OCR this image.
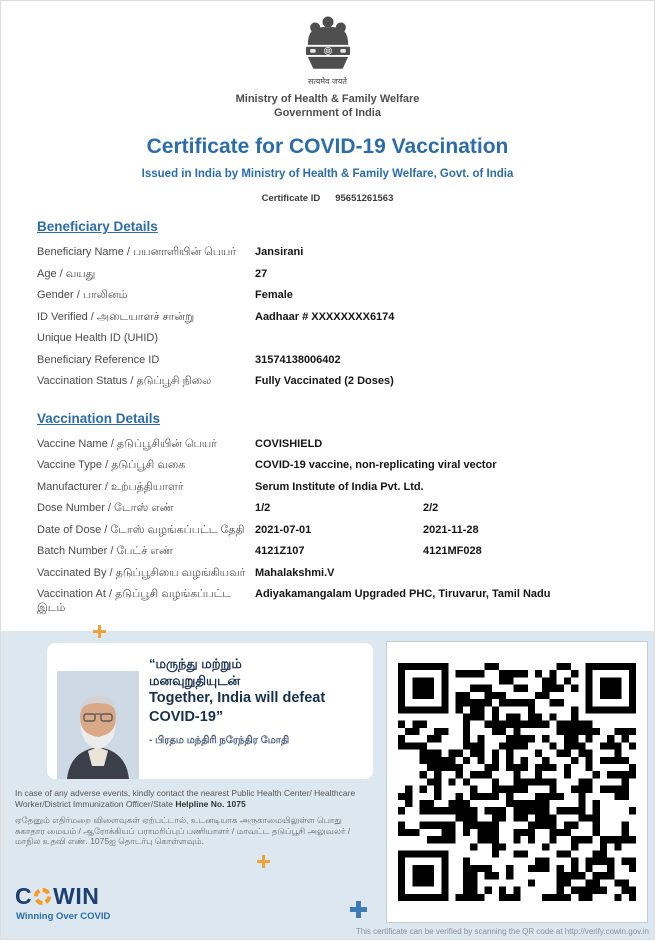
सत्यमेव जयते
Ministry of Health & Family Welfare
Government of India
Certificate for COVID-19 Vaccination
Issued in India by Ministry of Health & Family Welfare, Govt. of India
Certificate ID 95651261563
Beneficiary Details
Beneficiary Name / பயனாளியின் பெயர்	Jansirani
Age / வயது	27
Gender / பாலினம்	Female
ID Verified / அடையாளச் சான்று	Aadhaar # XXXXXXXX6174
Unique Health ID (UHID)
Beneficiary Reference ID	31574138006402
Vaccination Status / தடுப்பூசி நிலை	Fully Vaccinated (2 Doses)
Vaccination Details
Vaccine Name / தடுப்பூசியின் பெயர்	COVISHIELD
Vaccine Type / தடுப்பூசி வகை	COVID-19 vaccine, non-replicating viral vector
Manufacturer / உற்பத்தியாளர்	Serum Institute of India Pvt. Ltd.
Dose Number / டோஸ் எண்	1/2	2/2
Date of Dose / டோஸ் வழங்கப்பட்ட தேதி 2021-07-01	2021-11-28
Batch Number / பேட்ச் எண்	4121Z107	4121MF028
Vaccinated By / தடுப்பூசியை வழங்கியவர் Mahalakshmi.V
Vaccination At / தடுப்பூசி வழங்கப்பட்ட இடம்
Adiyakamangalam Upgraded PHC, Tiruvarur, Tamil Nadu
“மருந்து மற்றும்
மனவுறுதியுடன்
Together, India will defeat
COVID-19”
- பிரதம மந்திரி நரேந்திர மோதி
In case of any adverse events, kindly contact the nearest Public Health Center/ Healthcare Worker/District Immunization Officer/State Helpline No. 1075
ஏதேனும் எதிர்மறை விளைவுகள் ஏற்பட்டால், உடனடியாக அருகாமையிலுள்ள பொது சுகாதார மையம் / ஆரோக்கியப் பராமரிப்புப் பணியாளர் / மாவட்ட தடுப்பூசி அலுவலர் / மாநில உதவி எண். 1075ஐ தொடர்பு கொள்ளவும்.
C WIN
Winning Over COVID
This certificate can be verified by scanning the QR code at http://verify.cowin.gov.in
